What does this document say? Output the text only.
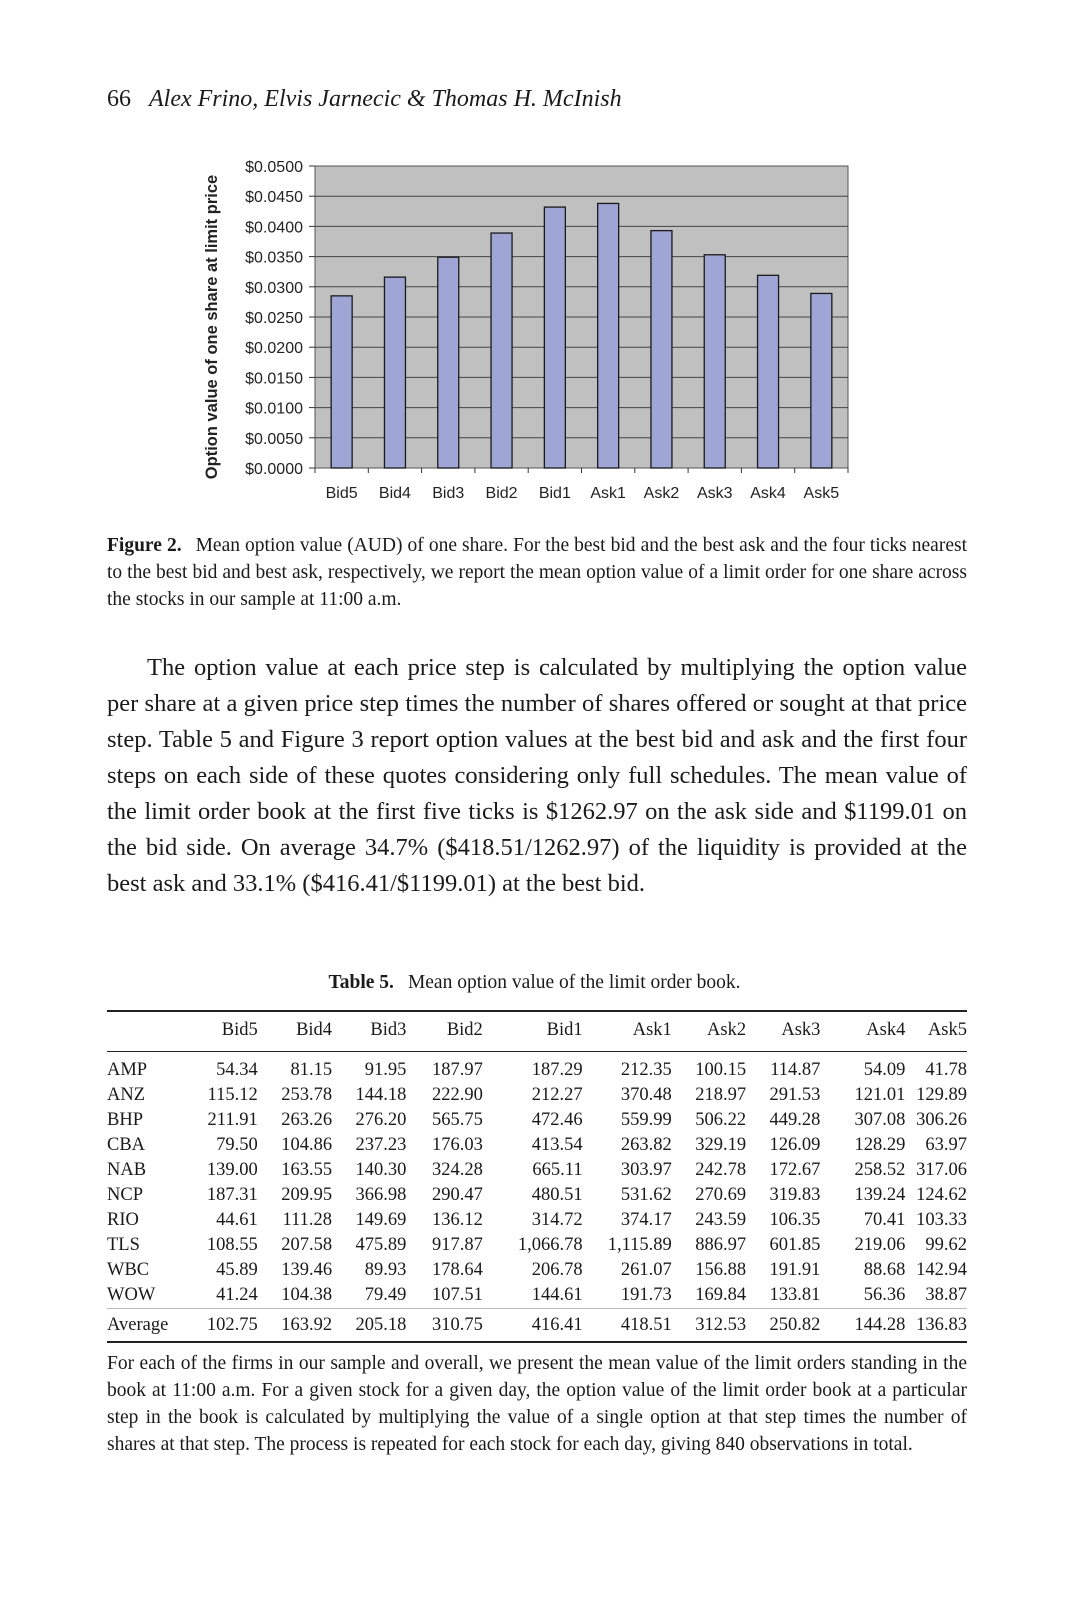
66 Alex Frino, Elvis Jarnecic & Thomas H. McInish
$0.0000
$0.0050
$0.0100
$0.0150
$0.0200
$0.0250
$0.0300
$0.0350
$0.0400
$0.0450
$0.0500
Bid5 Bid4 Bid3 Bid2 Bid1 Ask1 Ask2 Ask3 Ask4 Ask5
Option value of one share at limit price
Figure 2. Mean option value (AUD) of one share. For the best bid and the best ask and the four ticks nearest to the best bid and best ask, respectively, we report the mean option value of a limit order for one share across the stocks in our sample at 11:00 a.m.

The option value at each price step is calculated by multiplying the option value per share at a given price step times the number of shares offered or sought at that price step. Table 5 and Figure 3 report option values at the best bid and ask and the first four steps on each side of these quotes considering only full schedules. The mean value of the limit order book at the first five ticks is $1262.97 on the ask side and $1199.01 on the bid side. On average 34.7% ($418.51/1262.97) of the liquidity is provided at the best ask and 33.1% ($416.41/$1199.01) at the best bid.

Table 5. Mean option value of the limit order book.
	Bid5	Bid4	Bid3	Bid2	Bid1	Ask1	Ask2	Ask3	Ask4	Ask5
AMP	54.34	81.15	91.95	187.97	187.29	212.35	100.15	114.87	54.09	41.78
ANZ	115.12	253.78	144.18	222.90	212.27	370.48	218.97	291.53	121.01	129.89
BHP	211.91	263.26	276.20	565.75	472.46	559.99	506.22	449.28	307.08	306.26
CBA	79.50	104.86	237.23	176.03	413.54	263.82	329.19	126.09	128.29	63.97
NAB	139.00	163.55	140.30	324.28	665.11	303.97	242.78	172.67	258.52	317.06
NCP	187.31	209.95	366.98	290.47	480.51	531.62	270.69	319.83	139.24	124.62
RIO	44.61	111.28	149.69	136.12	314.72	374.17	243.59	106.35	70.41	103.33
TLS	108.55	207.58	475.89	917.87	1,066.78	1,115.89	886.97	601.85	219.06	99.62
WBC	45.89	139.46	89.93	178.64	206.78	261.07	156.88	191.91	88.68	142.94
WOW	41.24	104.38	79.49	107.51	144.61	191.73	169.84	133.81	56.36	38.87
Average	102.75	163.92	205.18	310.75	416.41	418.51	312.53	250.82	144.28	136.83
For each of the firms in our sample and overall, we present the mean value of the limit orders standing in the book at 11:00 a.m. For a given stock for a given day, the option value of the limit order book at a particular step in the book is calculated by multiplying the value of a single option at that step times the number of shares at that step. The process is repeated for each stock for each day, giving 840 observations in total.
